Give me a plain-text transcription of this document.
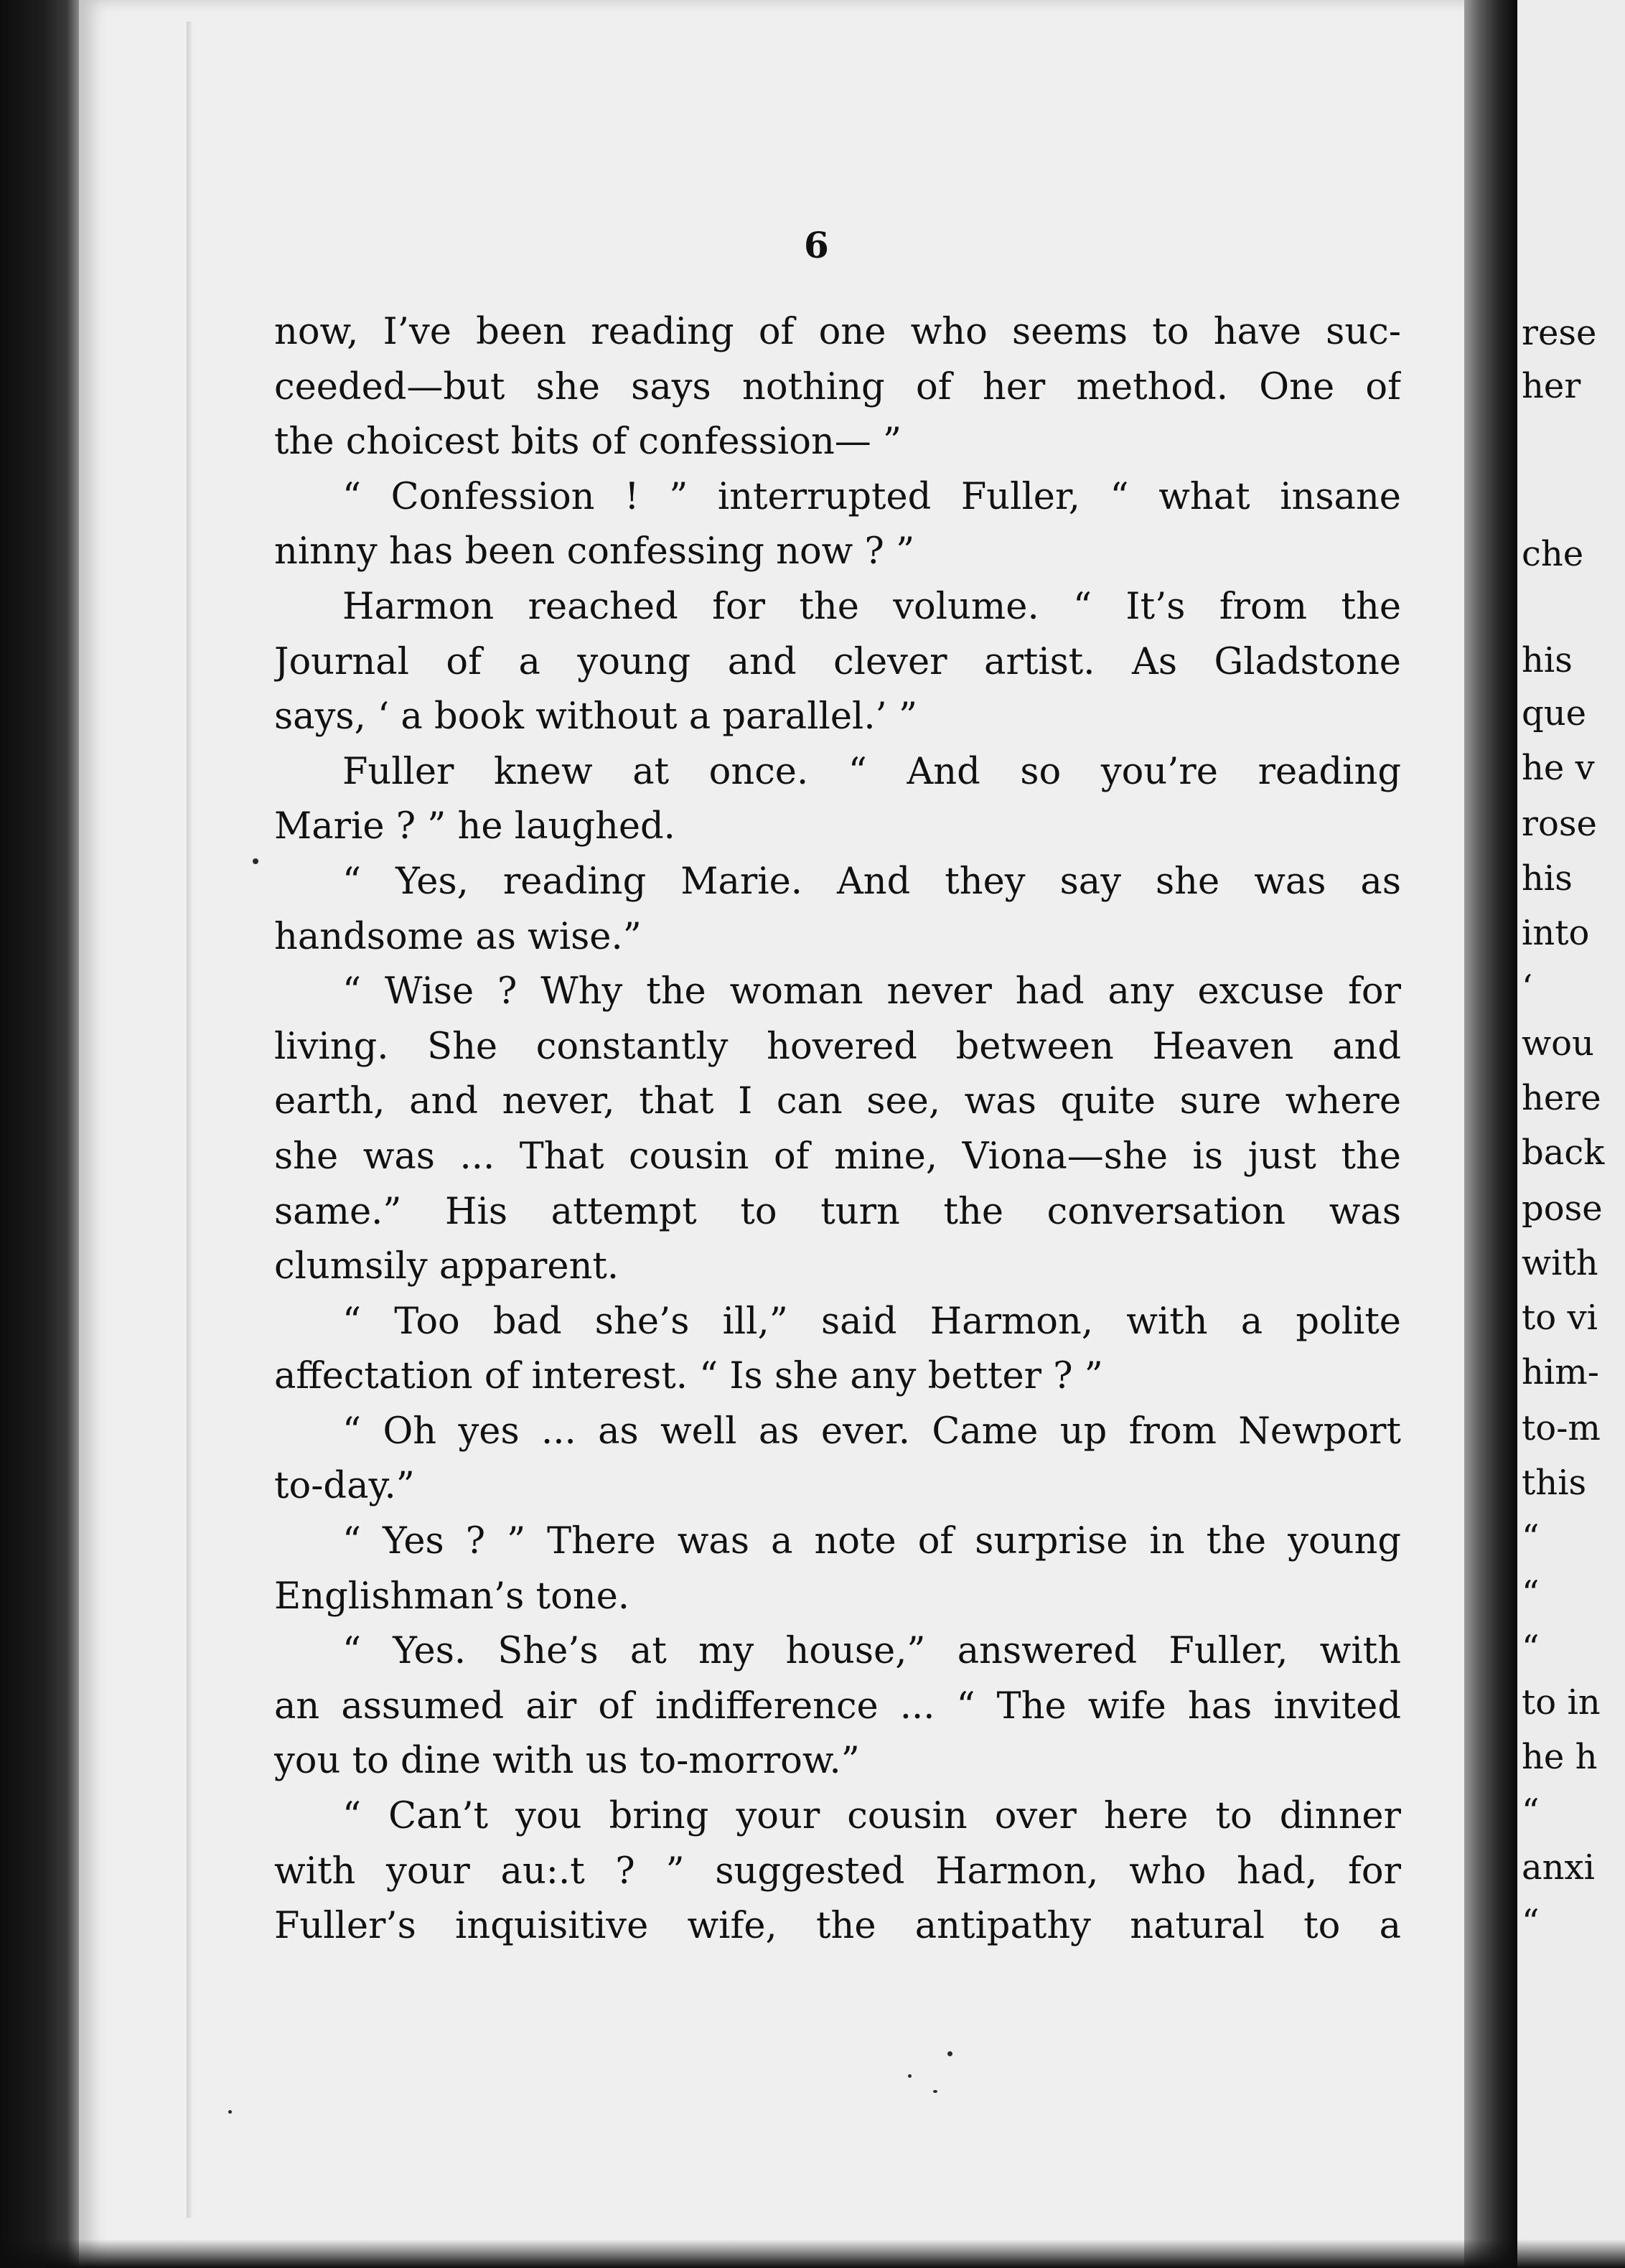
6
now, I’ve been reading of one who seems to have suc-
ceeded—but she says nothing of her method. One of
the choicest bits of confession— ”
“ Confession ! ” interrupted Fuller, “ what insane
ninny has been confessing now ? ”
Harmon reached for the volume. “ It’s from the
Journal of a young and clever artist. As Gladstone
says, ‘ a book without a parallel.’ ”
Fuller knew at once. “ And so you’re reading
Marie ? ” he laughed.
“ Yes, reading Marie. And they say she was as
handsome as wise.”
“ Wise ? Why the woman never had any excuse for
living. She constantly hovered between Heaven and
earth, and never, that I can see, was quite sure where
she was ... That cousin of mine, Viona—she is just the
same.” His attempt to turn the conversation was
clumsily apparent.
“ Too bad she’s ill,” said Harmon, with a polite
affectation of interest. “ Is she any better ? ”
“ Oh yes ... as well as ever. Came up from Newport
to-day.”
“ Yes ? ” There was a note of surprise in the young
Englishman’s tone.
“ Yes. She’s at my house,” answered Fuller, with
an assumed air of indifference ... “ The wife has invited
you to dine with us to-morrow.”
“ Can’t you bring your cousin over here to dinner
with your au:.t ? ” suggested Harmon, who had, for
Fuller’s inquisitive wife, the antipathy natural to a
rese
her
che
his
que
he v
rose
his
into
‘
wou
here
back
pose
with
to vi
him-
to-m
this
“
“
“
to in
he h
“
anxi
“
